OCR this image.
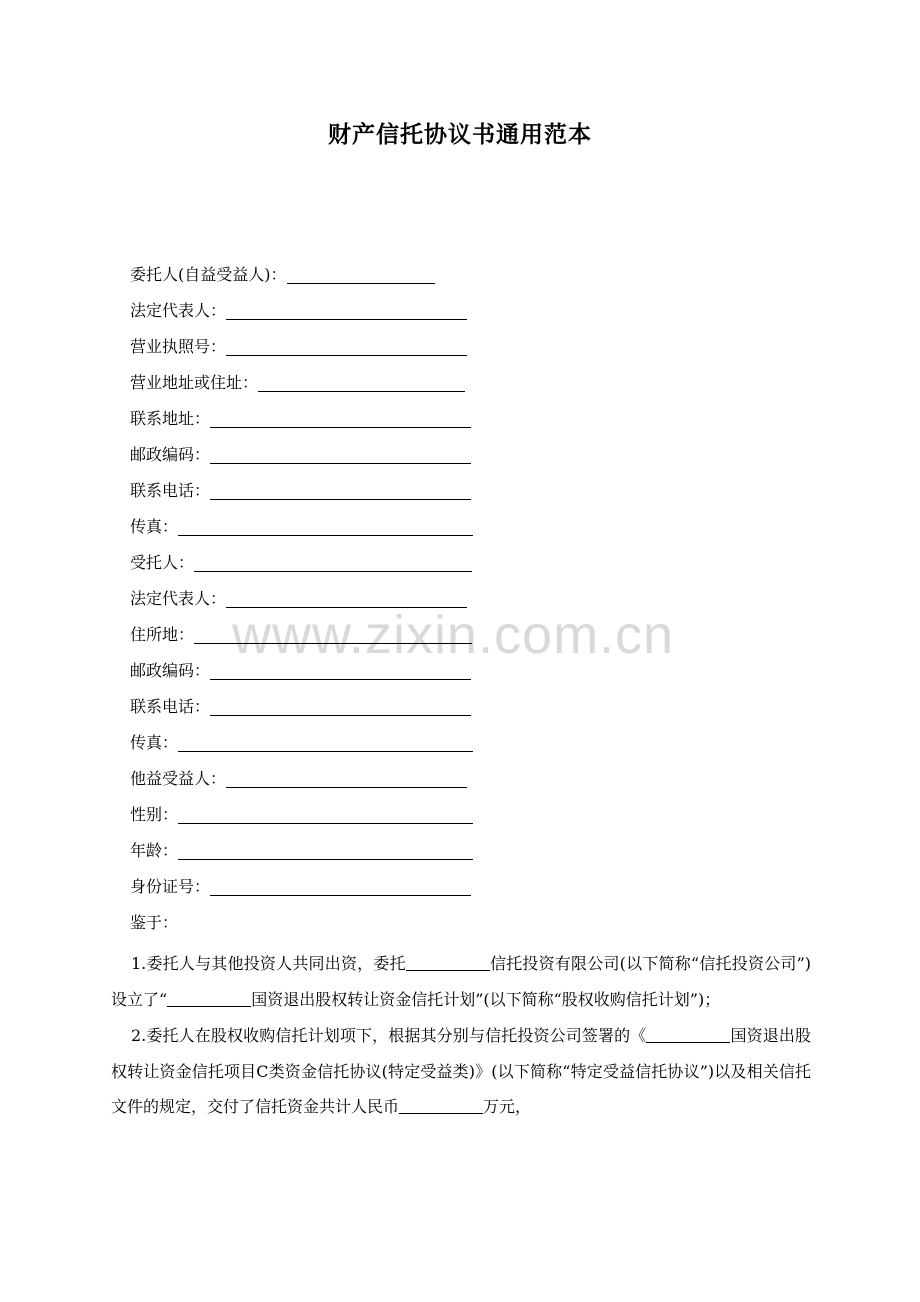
www.zixin.com.cn
财产信托协议书通用范本
委托人(自益受益人)：
法定代表人：
营业执照号：
营业地址或住址：
联系地址：
邮政编码：
联系电话：
传真：
受托人：
法定代表人：
住所地：
邮政编码：
联系电话：
传真：
他益受益人：
性别：
年龄：
身份证号：
鉴于：

1.委托人与其他投资人共同出资，委托	信托投资有限公司(以下简称“信托投资公司”)设立了“	国资退出股权转让资金信托计划”(以下简称“股权收购信托计划”)；

2.委托人在股权收购信托计划项下，根据其分别与信托投资公司签署的《	国资退出股权转让资金信托项目C类资金信托协议(特定受益类)》(以下简称“特定受益信托协议”)以及相关信托文件的规定，交付了信托资金共计人民币	万元，
